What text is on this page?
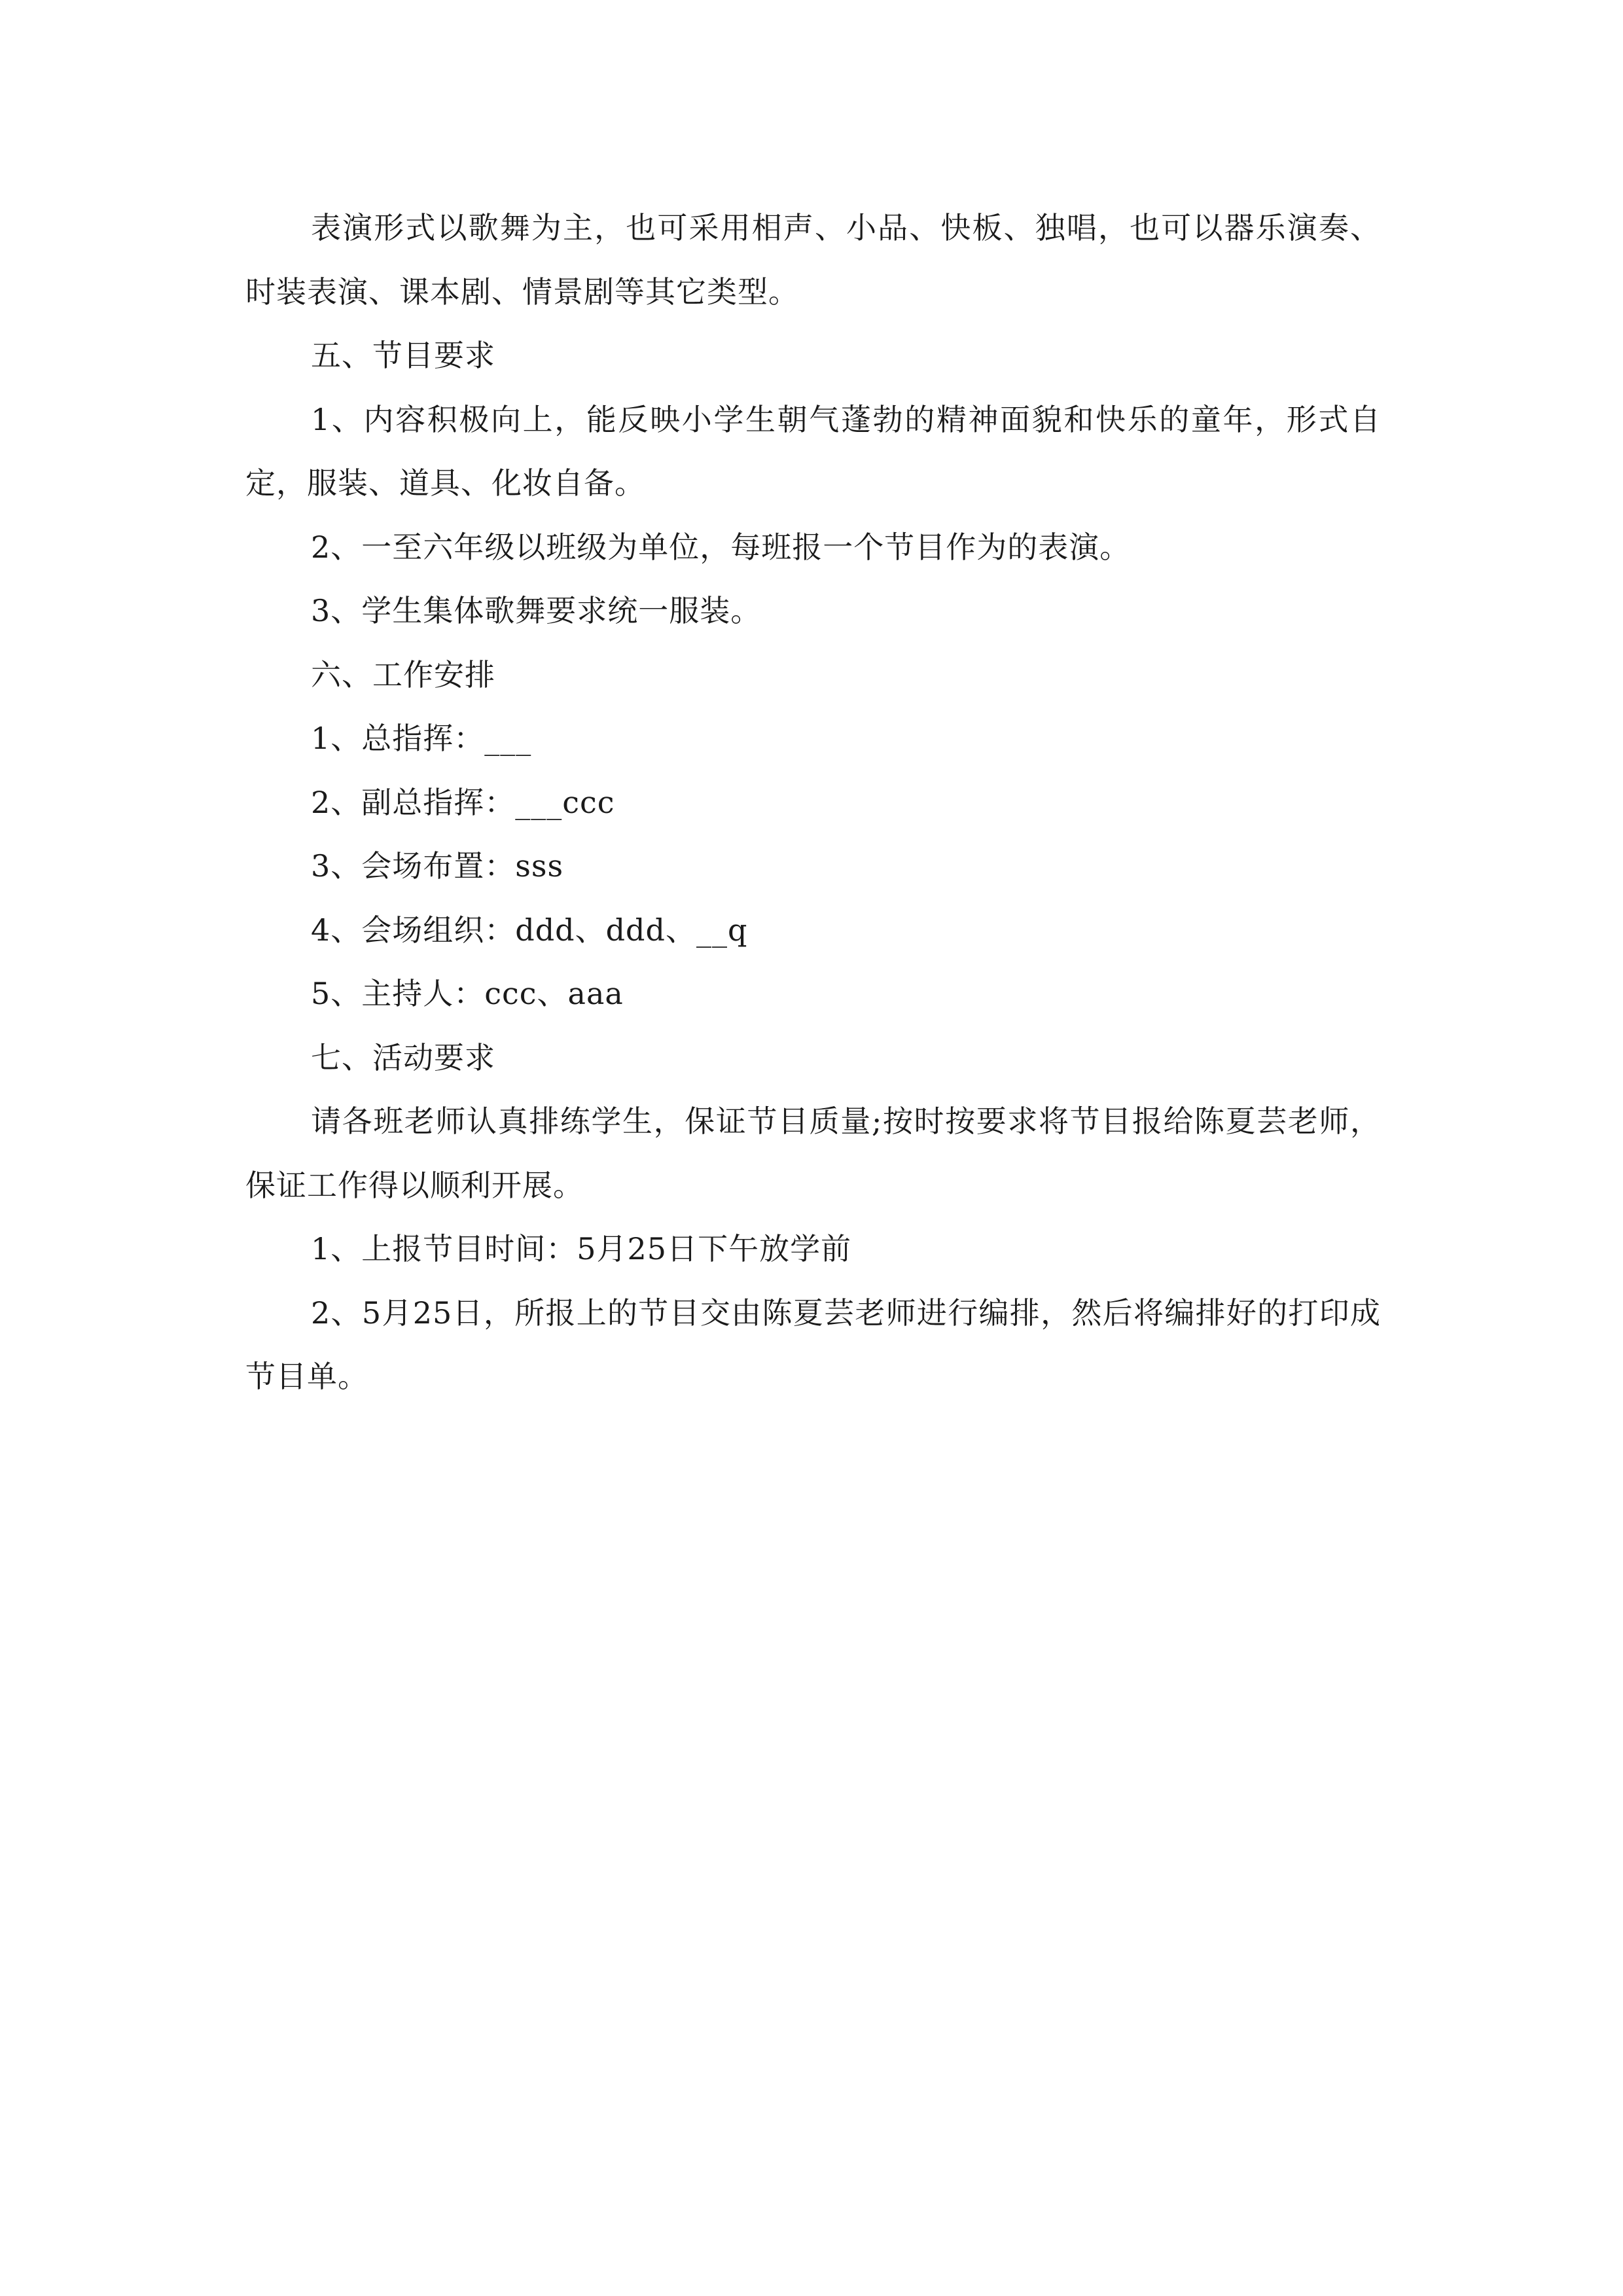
表演形式以歌舞为主，也可采用相声、小品、快板、独唱，也可以器乐演奏、时装表演、课本剧、情景剧等其它类型。

五、节目要求

1、内容积极向上，能反映小学生朝气蓬勃的精神面貌和快乐的童年，形式自定，服装、道具、化妆自备。

2、一至六年级以班级为单位，每班报一个节目作为的表演。

3、学生集体歌舞要求统一服装。

六、工作安排

1、总指挥：___

2、副总指挥：___ccc

3、会场布置：sss

4、会场组织：ddd、ddd、__q

5、主持人：ccc、aaa

七、活动要求

请各班老师认真排练学生，保证节目质量;按时按要求将节目报给陈夏芸老师，保证工作得以顺利开展。

1、上报节目时间：5月25日下午放学前

2、5月25日，所报上的节目交由陈夏芸老师进行编排，然后将编排好的打印成节目单。
